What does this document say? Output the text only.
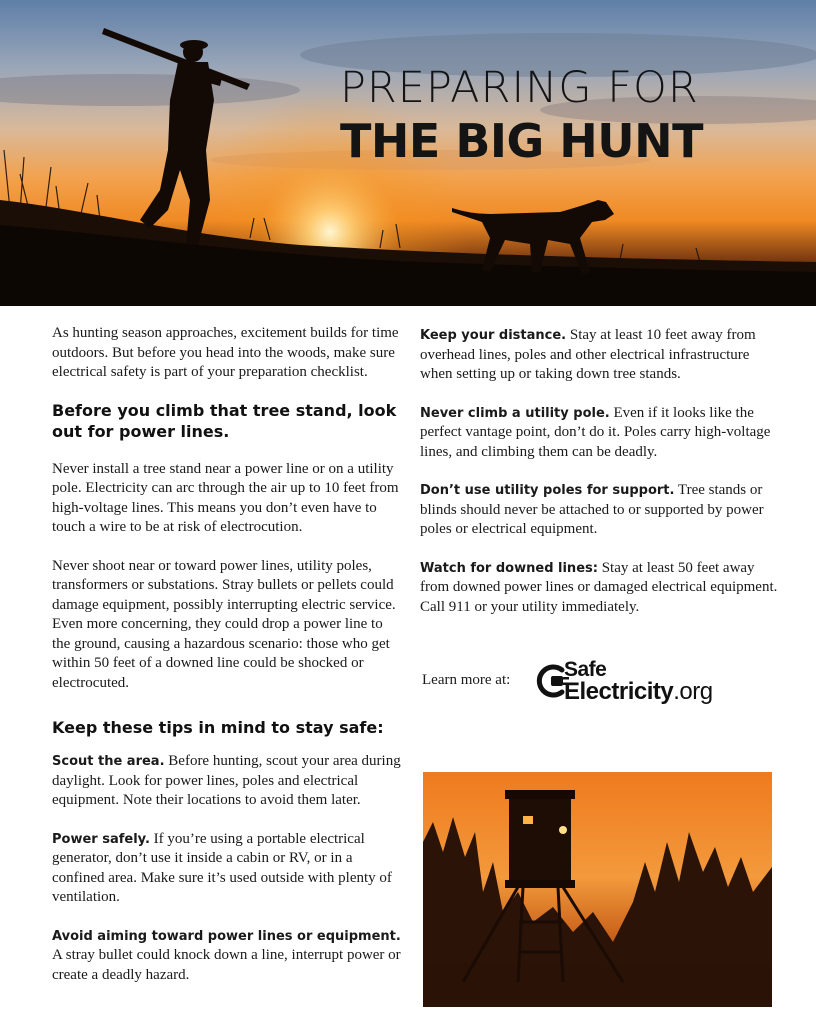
PREPARING FOR
THE BIG HUNT

As hunting season approaches, excitement builds for time outdoors. But before you head into the woods, make sure electrical safety is part of your preparation checklist.

Before you climb that tree stand, look out for power lines.

Never install a tree stand near a power line or on a utility pole. Electricity can arc through the air up to 10 feet from high-voltage lines. This means you don’t even have to touch a wire to be at risk of electrocution.

Never shoot near or toward power lines, utility poles, transformers or substations. Stray bullets or pellets could damage equipment, possibly interrupting electric service. Even more concerning, they could drop a power line to the ground, causing a hazardous scenario: those who get within 50 feet of a downed line could be shocked or electrocuted.

Keep these tips in mind to stay safe:

Scout the area. Before hunting, scout your area during daylight. Look for power lines, poles and electrical equipment. Note their locations to avoid them later.

Power safely. If you’re using a portable electrical generator, don’t use it inside a cabin or RV, or in a confined area. Make sure it’s used outside with plenty of ventilation.

Avoid aiming toward power lines or equipment. A stray bullet could knock down a line, interrupt power or create a deadly hazard.

Keep your distance. Stay at least 10 feet away from overhead lines, poles and other electrical infrastructure when setting up or taking down tree stands.

Never climb a utility pole. Even if it looks like the perfect vantage point, don’t do it. Poles carry high-voltage lines, and climbing them can be deadly.

Don’t use utility poles for support. Tree stands or blinds should never be attached to or supported by power poles or electrical equipment.

Watch for downed lines: Stay at least 50 feet away from downed power lines or damaged electrical equipment. Call 911 or your utility immediately.

Learn more at:	Safe
Electricity.org
